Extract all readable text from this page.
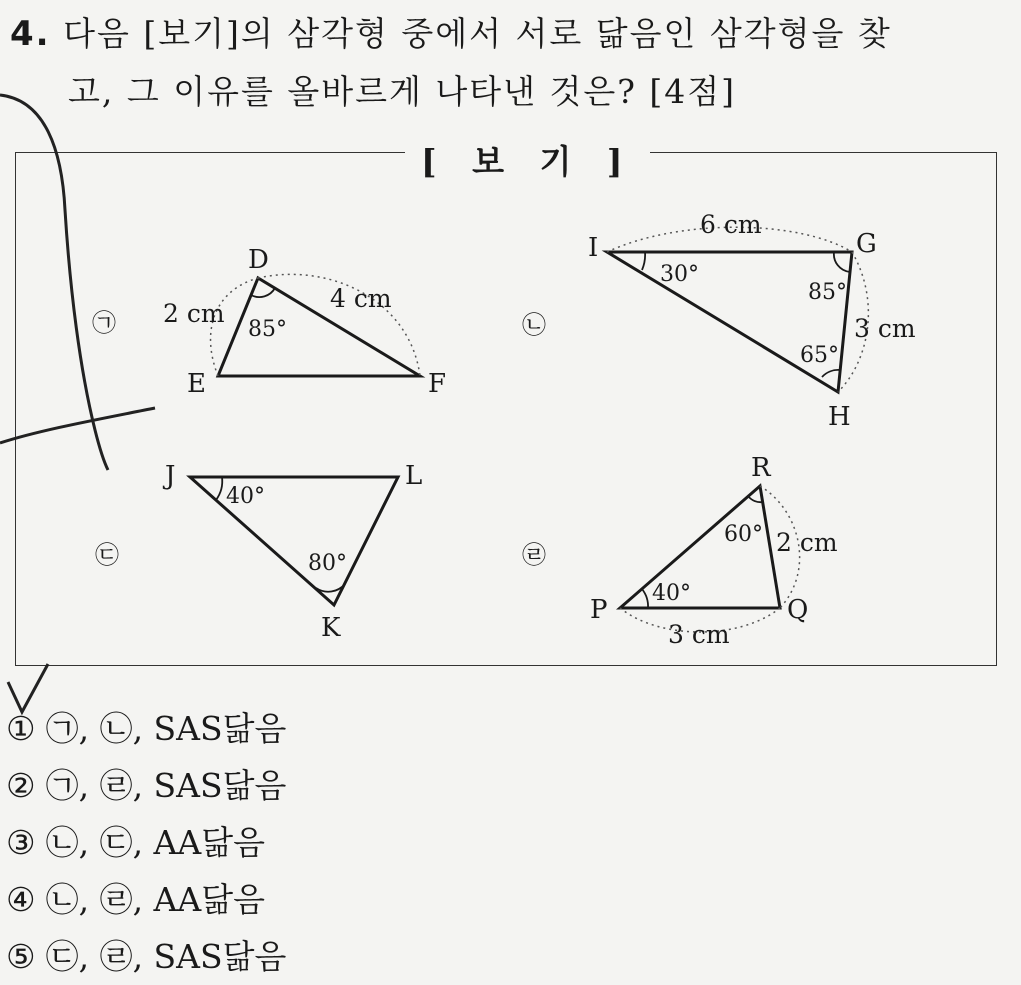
4. 다음 [보기]의 삼각형 중에서 서로 닮음인 삼각형을 찾
고, 그 이유를 올바르게 나타낸 것은? [4점]
[ 보 기 ]
㉠
D
E	F
85°
2 cm
4 cm
㉡
I	G
H
30°
85°
65°
6 cm
3 cm
㉢
J	L
K
40°
80°	㉣
R
P	Q
60°
40°
2 cm
3 cm
① ㉠, ㉡, SAS닮음
② ㉠, ㉣, SAS닮음
③ ㉡, ㉢, AA닮음
④ ㉡, ㉣, AA닮음
⑤ ㉢, ㉣, SAS닮음
